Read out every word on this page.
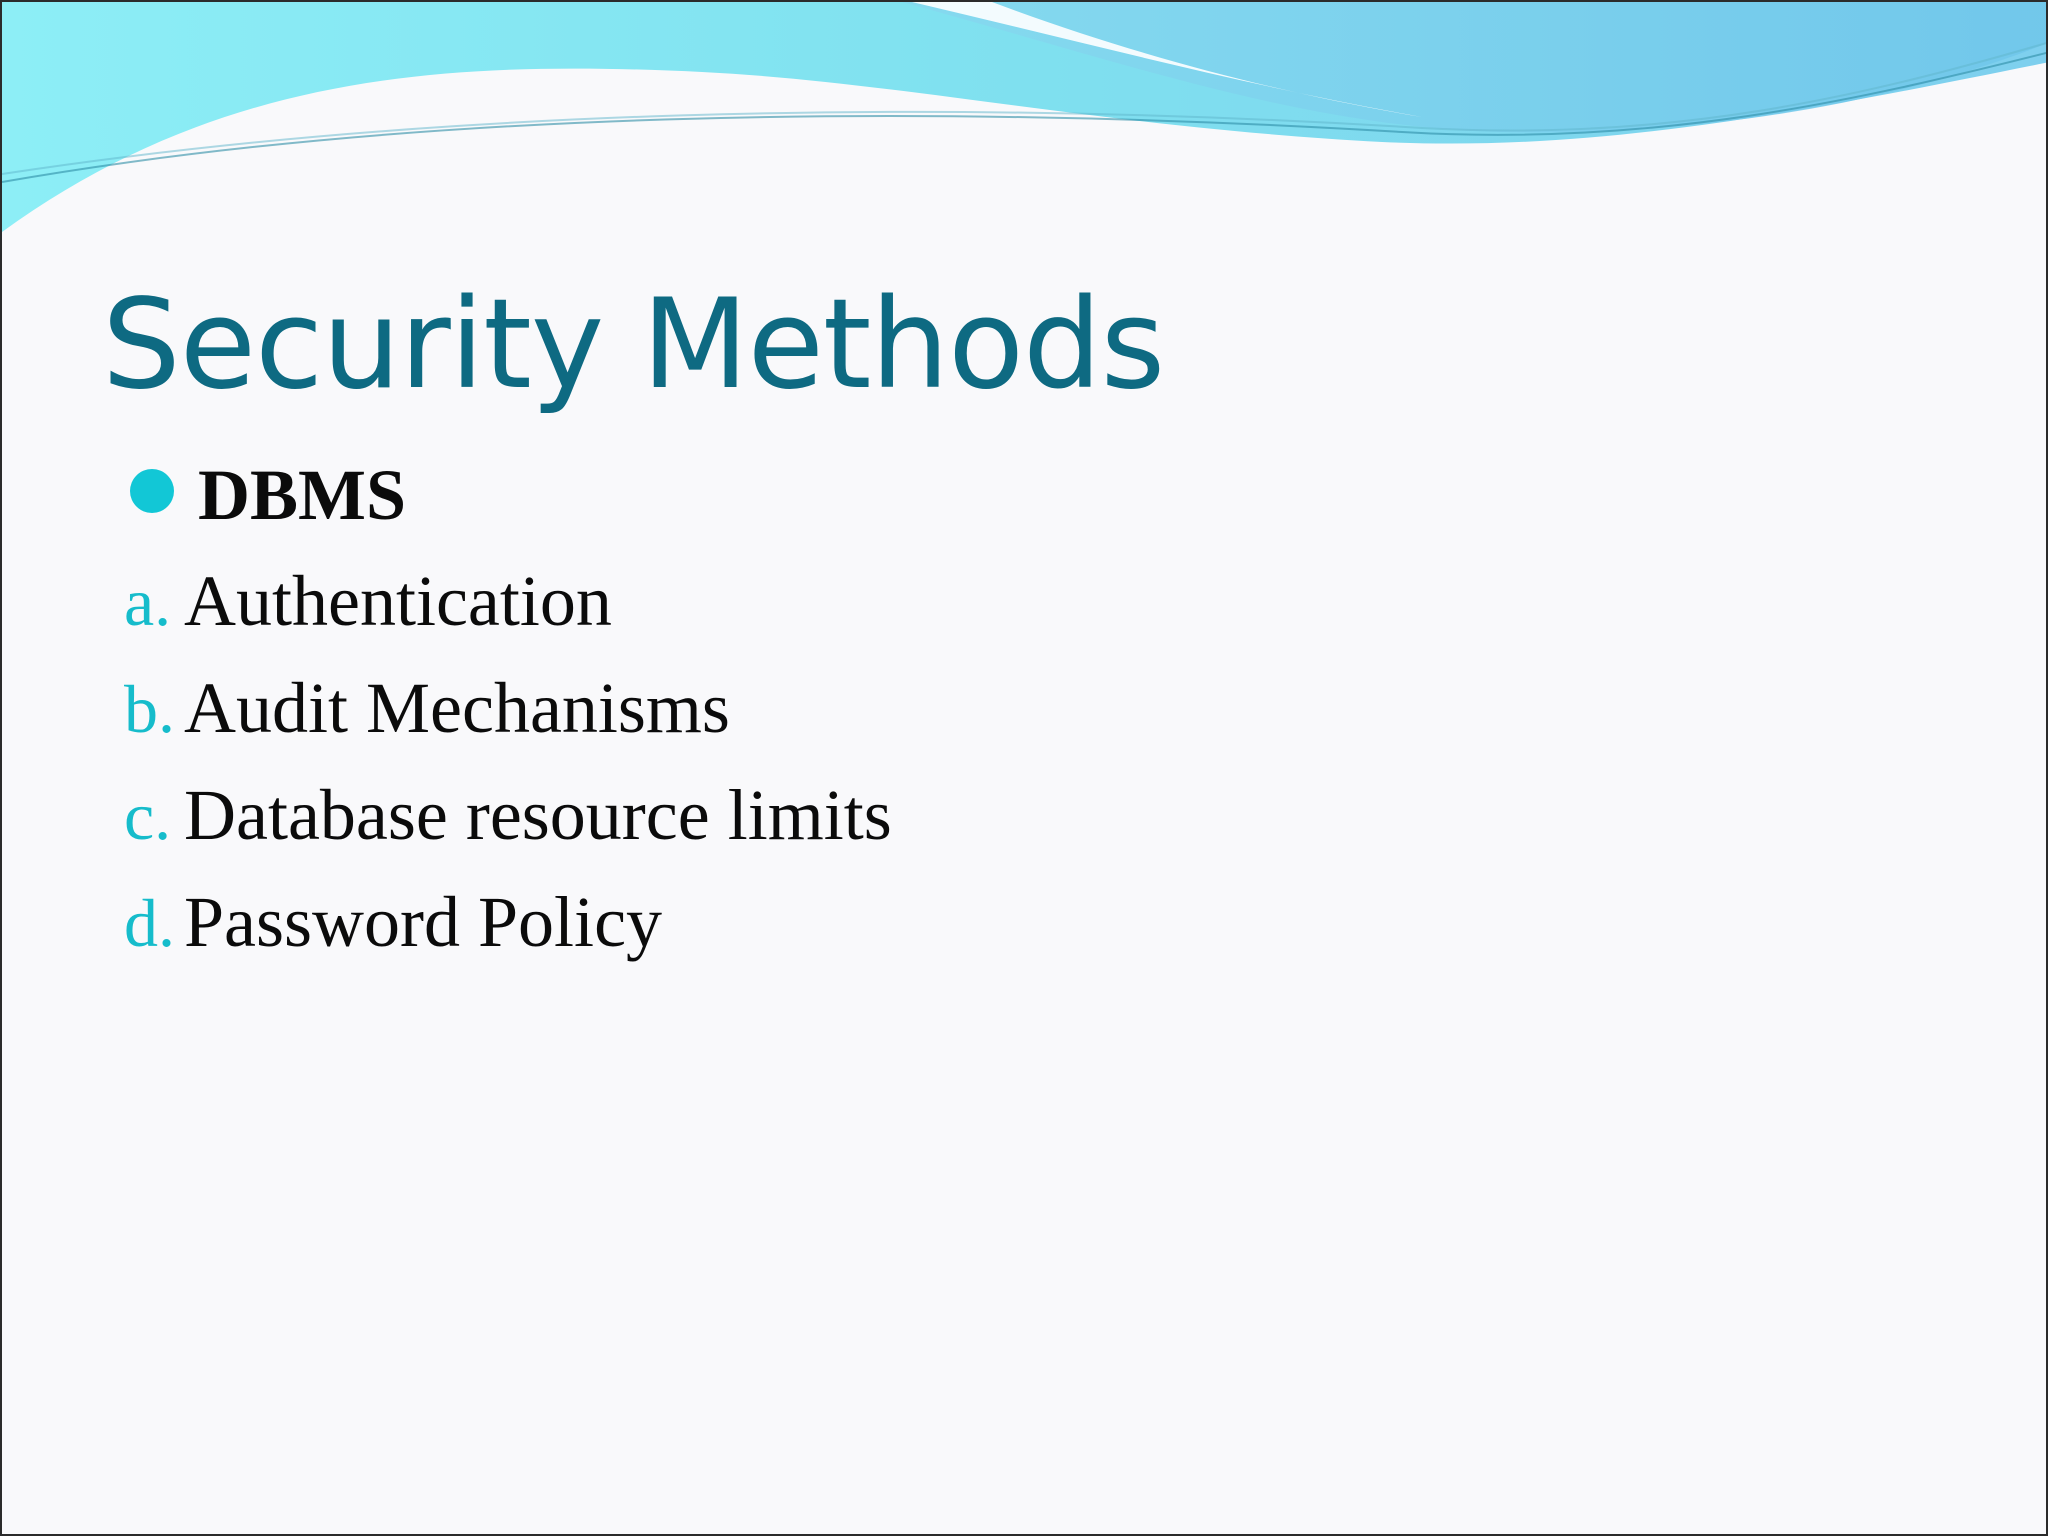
Security Methods
DBMS
a. Authentication
b. Audit Mechanisms
c. Database resource limits
d. Password Policy
